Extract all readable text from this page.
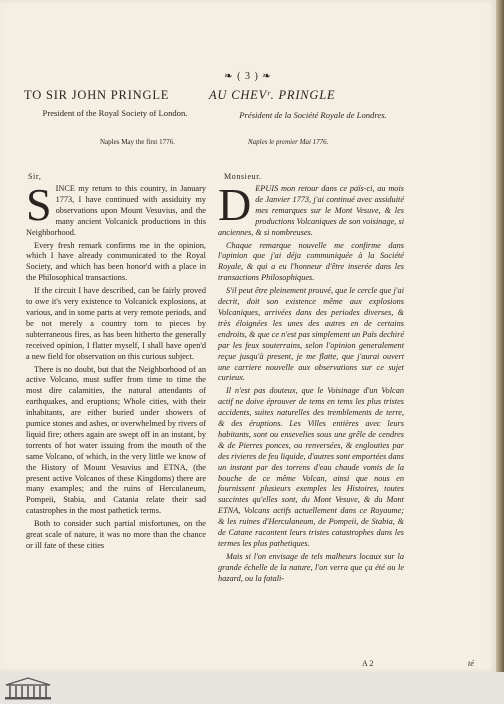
❧ ( 3 ) ❧
TO SIR JOHN PRINGLE	AU CHEVʳ. PRINGLE
President of the Royal Society of London.	Président de la Société Royale de Londres.
Naples May the first 1776.	Naples le premier Mai 1776.
Sir,	Monsieur.

SINCE my return to this country, in January 1773, I have continued with assiduity my observations upon Mount Vesuvius, and the many ancient Volcanick productions in this Neighborhood.

Every fresh remark confirms me in the opinion, which I have already communicated to the Royal Society, and which has been honor'd with a place in the Philosophical transactions.

If the circuit I have described, can be fairly proved to owe it's very existence to Volcanick explosions, at various, and in some parts at very remote periods, and be not merely a country torn to pieces by subterraneous fires, as has been hitherto the generally received opinion, I flatter myself, I shall have open'd a new field for observation on this curious subject.

There is no doubt, but that the Neighborhood of an active Volcano, must suffer from time to time the most dire calamities, the natural attendants of earthquakes, and eruptions; Whole cities, with their inhabitants, are either buried under showers of pumice stones and ashes, or overwhelmed by rivers of liquid fire; others again are swept off in an instant, by torrents of hot water issuing from the mouth of the same Volcano, of which, in the very little we know of the History of Mount Vesuvius and ETNA, (the present active Volcanos of these Kingdoms) there are many examples; and the ruins of Herculaneum, Pompeii, Stabia, and Catania relate their sad catastrophes in the most pathetick terms.

Both to consider such partial misfortunes, on the great scale of nature, it was no more than the chance or ill fate of these cities

DEPUIS mon retour dans ce païs-ci, au mois de Janvier 1773, j'ai continué avec assiduité mes remarques sur le Mont Vesuve, & les productions Volcaniques de son voisinage, si anciennes, & si nombreuses.

Chaque remarque nouvelle me confirme dans l'opinion que j'ai déja communiquée à la Société Royale, & qui a eu l'honneur d'être inserée dans les transactions Philosophiques.

S'il peut être pleinement prouvé, que le cercle que j'ai decrit, doit son existence même aux explosions Volcaniques, arrivées dans des periodes diverses, & très éloignées les unes des autres en de certains endroits, & que ce n'est pas simplement un Païs dechiré par les feux souterrains, selon l'opinion generalement reçue jusqu'à present, je me flatte, que j'aurai ouvert une carriere nouvelle aux observations sur ce sujet curieux.

Il n'est pas douteux, que le Voisinage d'un Volcan actif ne doive éprouver de tems en tems les plus tristes accidents, suites naturelles des tremblements de terre, & des éruptions. Les Villes entières avec leurs habitants, sont ou ensevelies sous une grêle de cendres & de Pierres ponces, ou renversées, & englouties par des rivieres de feu liquide, d'autres sont emportées dans un instant par des torrens d'eau chaude vomis de la bouche de ce même Volcan, ainsi que nous en fournissent plusieurs exemples les Histoires, toutes succintes qu'elles sont, du Mont Vesuve, & du Mont ETNA, Volcans actifs actuellement dans ce Royaume; & les ruines d'Herculaneum, de Pompeii, de Stabia, & de Catane racontent leurs tristes catastrophes dans les termes les plus pathetiques.

Mais si l'on envisage de tels malheurs locaux sur la grande échelle de la nature, l'on verra que ça été ou le hazard, ou la fatali-

A 2	té
